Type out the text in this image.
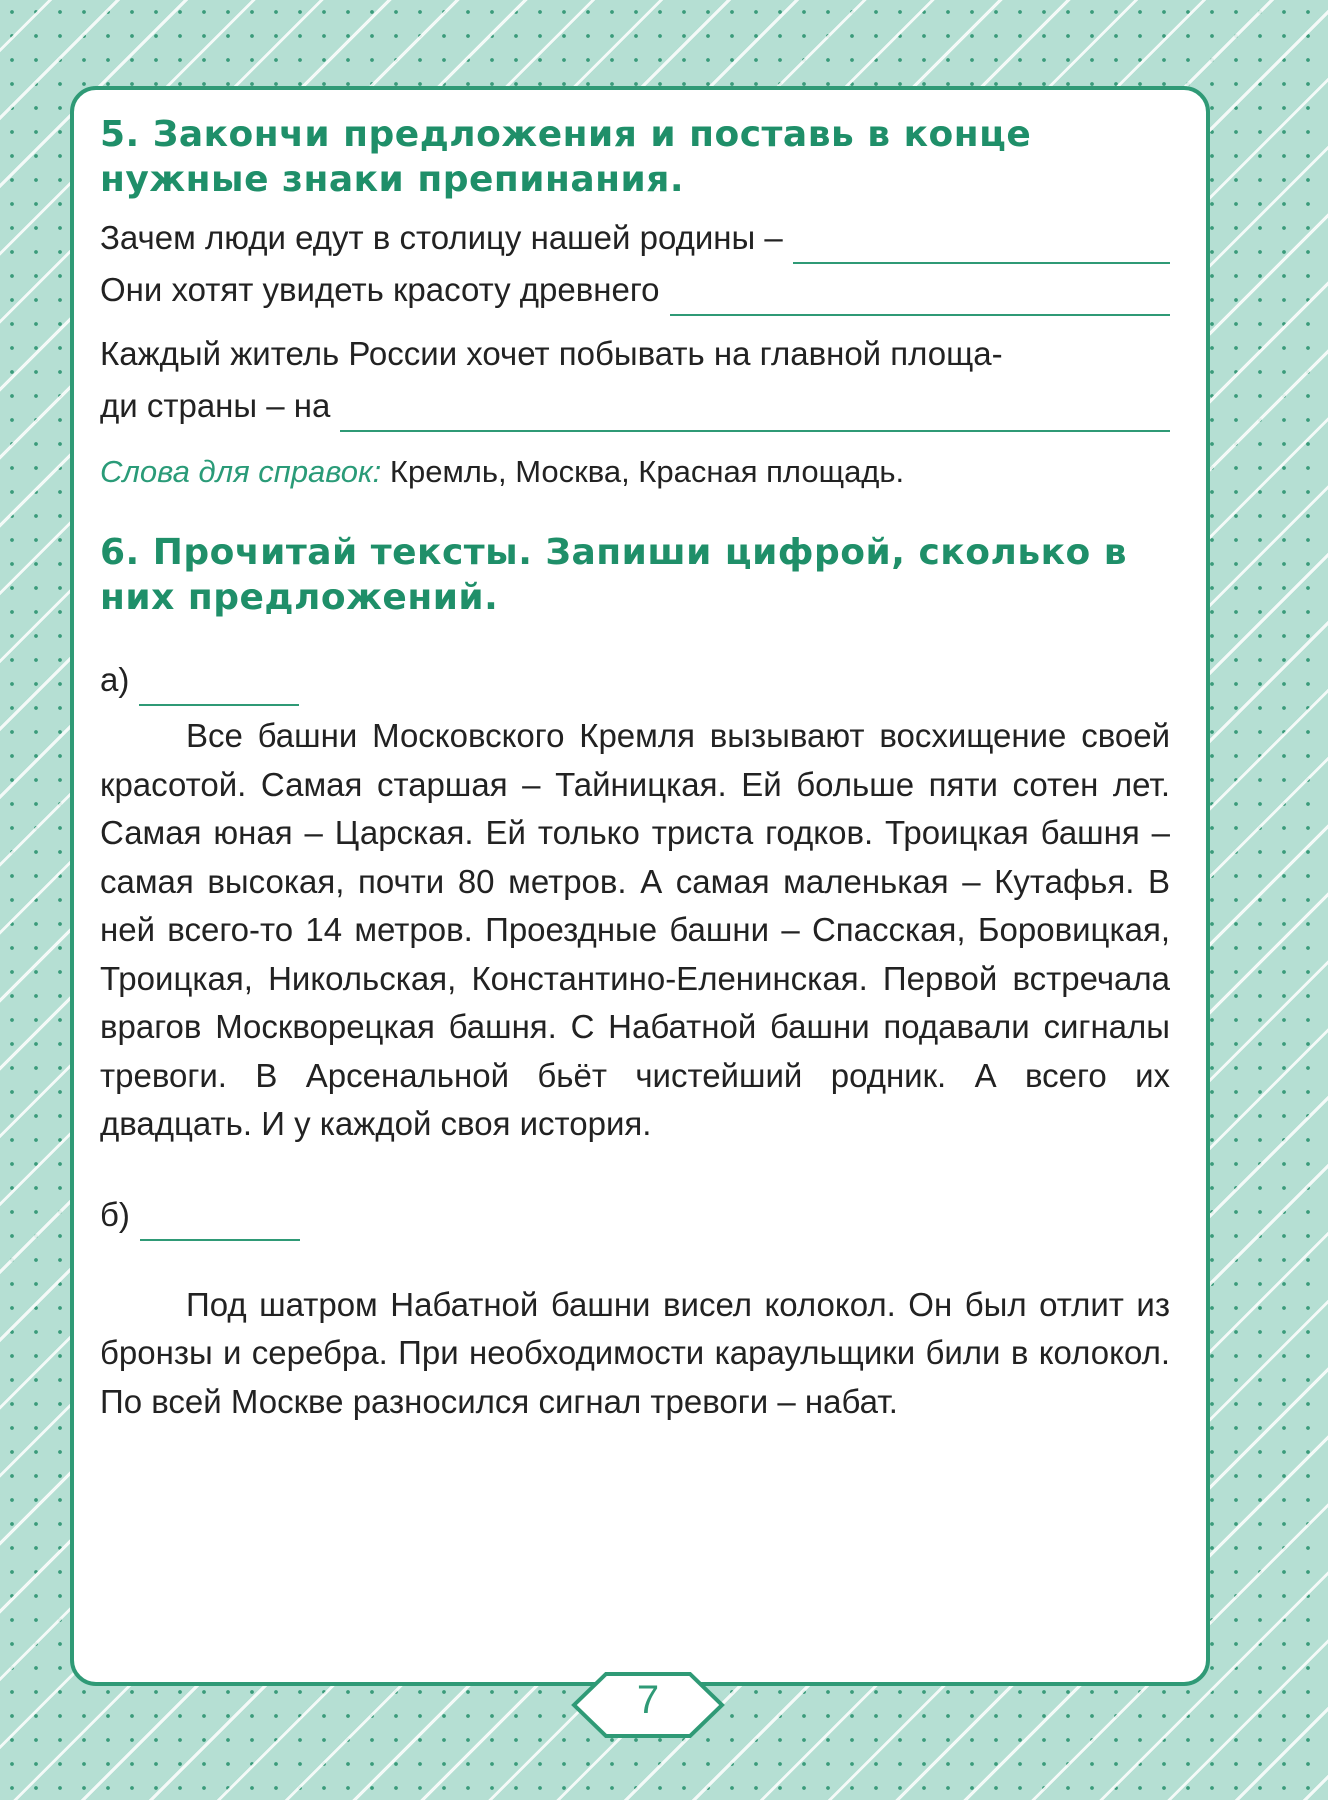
5. Закончи предложения и поставь в конце нужные знаки препинания.
Зачем люди едут в столицу нашей родины –
Они хотят увидеть красоту древнего
Каждый житель России хочет побывать на главной площа-
ди страны – на
Слова для справок: Кремль, Москва, Красная площадь.
6. Прочитай тексты. Запиши цифрой, сколько в них предложений.
а)

Все башни Московского Кремля вызывают восхищение своей красотой. Самая старшая – Тайницкая. Ей больше пяти сотен лет. Самая юная – Царская. Ей только триста годков. Троицкая башня – самая высокая, почти 80 метров. А самая маленькая – Кутафья. В ней всего-то 14 метров. Проездные башни – Спасская, Боровицкая, Троицкая, Никольская, Константино-Еленинская. Первой встречала врагов Москворецкая башня. С Набатной башни подавали сигналы тревоги. В Арсенальной бьёт чистейший родник. А всего их двадцать. И у каждой своя история.

б)

Под шатром Набатной башни висел колокол. Он был отлит из бронзы и серебра. При необходимости караульщики били в колокол. По всей Москве разносился сигнал тревоги – набат.

7
